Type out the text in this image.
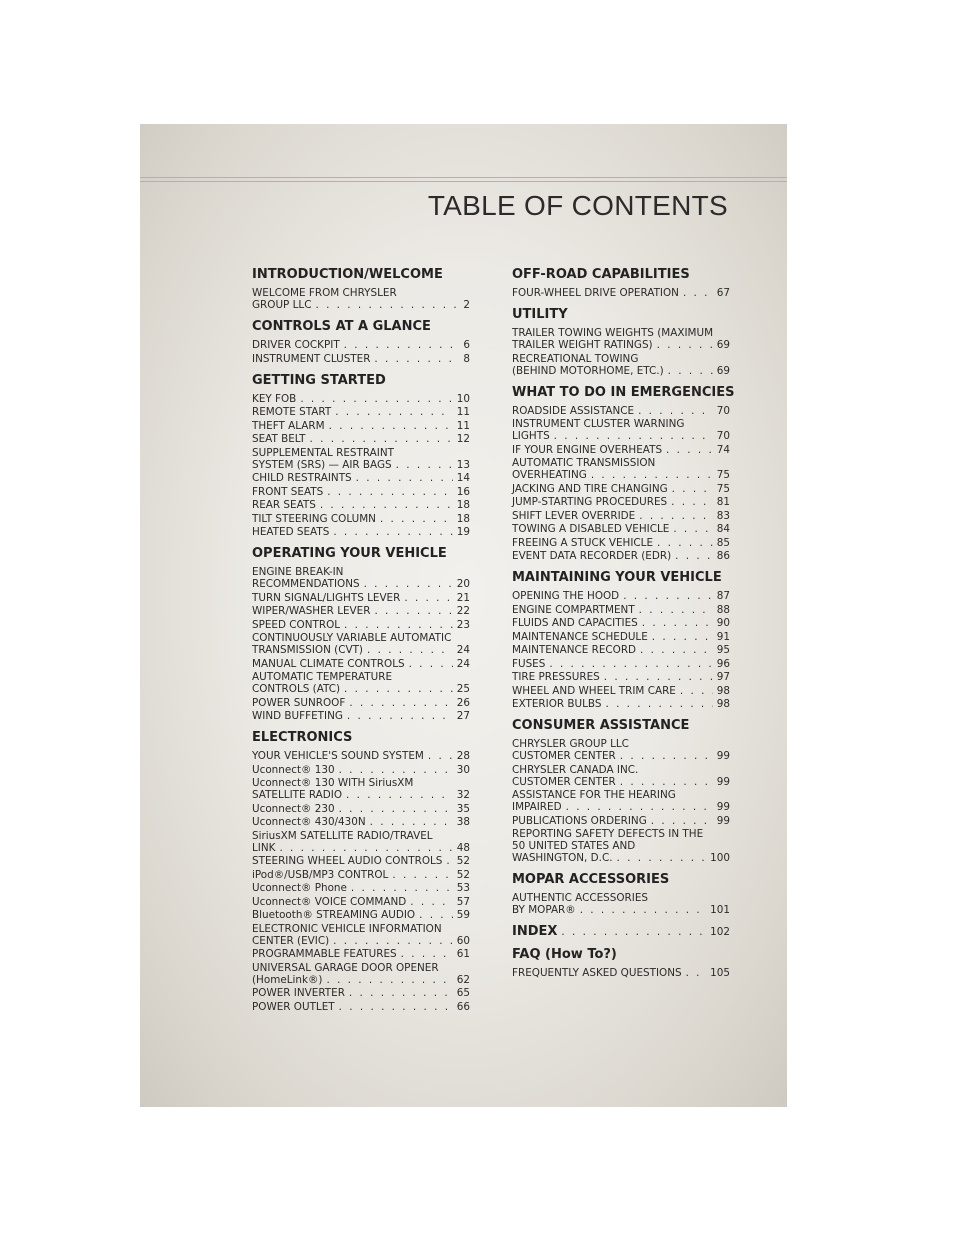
TABLE OF CONTENTS
INTRODUCTION/WELCOME
WELCOME FROM CHRYSLER
GROUP LLC . . .	2
CONTROLS AT A GLANCE
DRIVER COCKPIT . . .	6
INSTRUMENT CLUSTER . . .	8
GETTING STARTED
KEY FOB . . .	10
REMOTE START . . .	11
THEFT ALARM . . .	11
SEAT BELT . . .	12
SUPPLEMENTAL RESTRAINT
SYSTEM (SRS) — AIR BAGS . . .	13
CHILD RESTRAINTS . . .	14
FRONT SEATS . . .	16
REAR SEATS . . .	18
TILT STEERING COLUMN . . .	18
HEATED SEATS . . .	19
OPERATING YOUR VEHICLE
ENGINE BREAK-IN
RECOMMENDATIONS . . .	20
TURN SIGNAL/LIGHTS LEVER . . .	21
WIPER/WASHER LEVER . . .	22
SPEED CONTROL . . .	23
CONTINUOUSLY VARIABLE AUTOMATIC
TRANSMISSION (CVT) . . .	24
MANUAL CLIMATE CONTROLS . . .	24
AUTOMATIC TEMPERATURE
CONTROLS (ATC) . . .	25
POWER SUNROOF . . .	26
WIND BUFFETING . . .	27
ELECTRONICS
YOUR VEHICLE'S SOUND SYSTEM . . .	28
Uconnect® 130 . . .	30
Uconnect® 130 WITH SiriusXM
SATELLITE RADIO . . .	32
Uconnect® 230 . . .	35
Uconnect® 430/430N . . .	38
SiriusXM SATELLITE RADIO/TRAVEL
LINK . . .	48
STEERING WHEEL AUDIO CONTROLS . . . 52
iPod®/USB/MP3 CONTROL . . .	52
Uconnect® Phone . . .	53
Uconnect® VOICE COMMAND . . .	57
Bluetooth® STREAMING AUDIO . . .	59
ELECTRONIC VEHICLE INFORMATION
CENTER (EVIC) . . .	60
PROGRAMMABLE FEATURES . . .	61
UNIVERSAL GARAGE DOOR OPENER
(HomeLink®) . . .	62
POWER INVERTER . . .	65
POWER OUTLET . . .	66
OFF-ROAD CAPABILITIES
FOUR-WHEEL DRIVE OPERATION . . .	67
UTILITY
TRAILER TOWING WEIGHTS (MAXIMUM
TRAILER WEIGHT RATINGS) . . .	69
RECREATIONAL TOWING
(BEHIND MOTORHOME, ETC.) . . .	69
WHAT TO DO IN EMERGENCIES
ROADSIDE ASSISTANCE . . .	70
INSTRUMENT CLUSTER WARNING
LIGHTS . . .	70
IF YOUR ENGINE OVERHEATS . . .	74
AUTOMATIC TRANSMISSION
OVERHEATING . . .	75
JACKING AND TIRE CHANGING . . .	75
JUMP-STARTING PROCEDURES . . .	81
SHIFT LEVER OVERRIDE . . .	83
TOWING A DISABLED VEHICLE . . .	84
FREEING A STUCK VEHICLE . . .	85
EVENT DATA RECORDER (EDR) . . .	86
MAINTAINING YOUR VEHICLE
OPENING THE HOOD . . .	87
ENGINE COMPARTMENT . . .	88
FLUIDS AND CAPACITIES . . .	90
MAINTENANCE SCHEDULE . . .	91
MAINTENANCE RECORD . . .	95
FUSES . . .	96
TIRE PRESSURES . . .	97
WHEEL AND WHEEL TRIM CARE . . .	98
EXTERIOR BULBS . . .	98
CONSUMER ASSISTANCE
CHRYSLER GROUP LLC
CUSTOMER CENTER . . .	99
CHRYSLER CANADA INC.
CUSTOMER CENTER . . .	99
ASSISTANCE FOR THE HEARING
IMPAIRED . . .	99
PUBLICATIONS ORDERING . . .	99
REPORTING SAFETY DEFECTS IN THE
50 UNITED STATES AND
WASHINGTON, D.C. . . .	100
MOPAR ACCESSORIES
AUTHENTIC ACCESSORIES
BY MOPAR® . . .	101
INDEX . . .	102
FAQ (How To?)
FREQUENTLY ASKED QUESTIONS . . .	105
